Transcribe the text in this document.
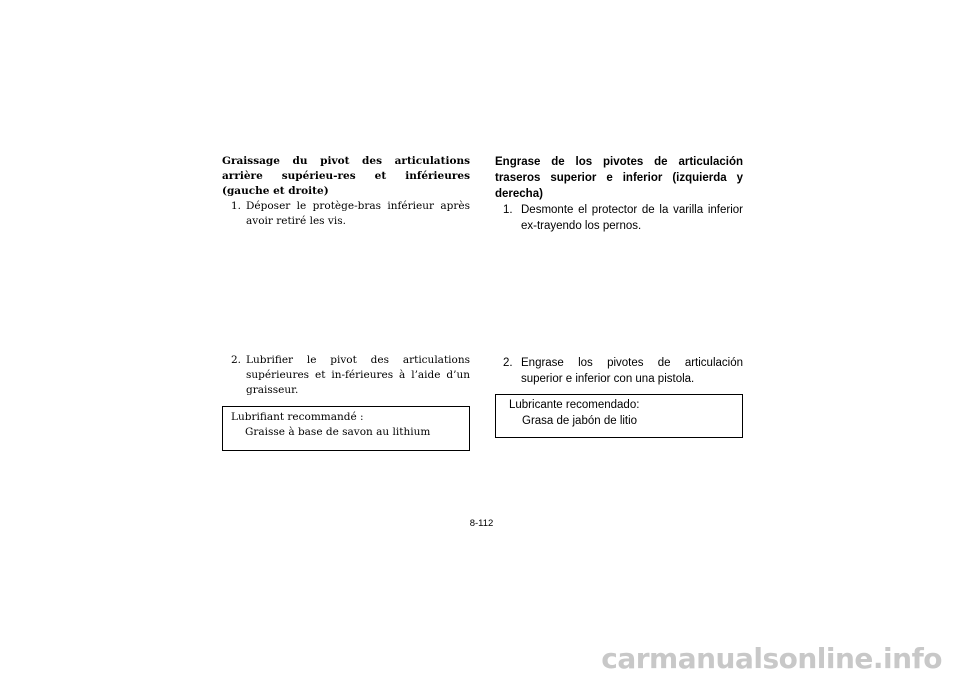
Graissage du pivot des articulations arrière supérieu-res et inférieures (gauche et droite)

1. Déposer le protège-bras inférieur après avoir retiré les vis.
2. Lubrifier le pivot des articulations supérieures et in-férieures à l’aide d’un graisseur.
Lubrifiant recommandé :
Graisse à base de savon au lithium

Engrase de los pivotes de articulación traseros superior e inferior (izquierda y derecha)

1. Desmonte el protector de la varilla inferior ex-trayendo los pernos.
2. Engrase los pivotes de articulación superior e inferior con una pistola.
Lubricante recomendado:
Grasa de jabón de litio
8-112
carmanualsonline.info
